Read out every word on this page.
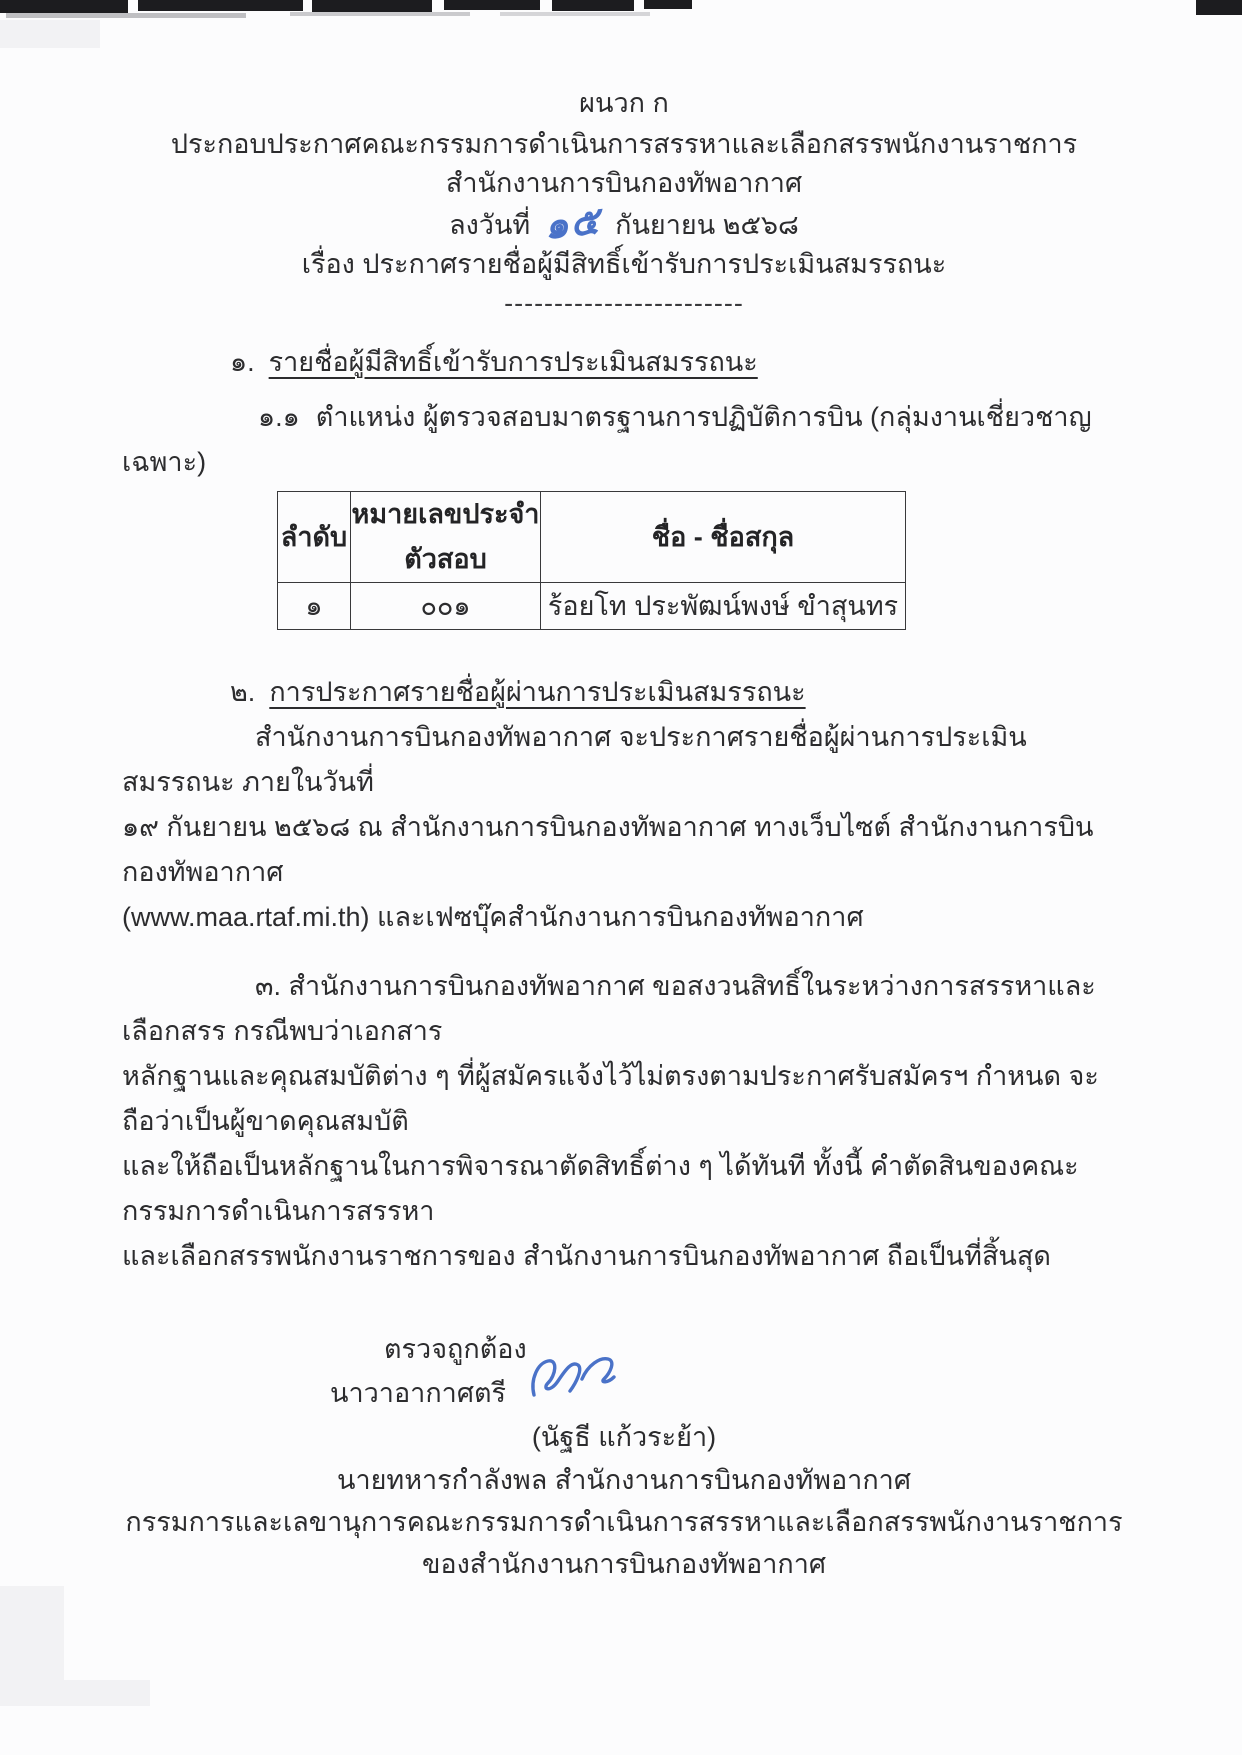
ผนวก ก
ประกอบประกาศคณะกรรมการดำเนินการสรรหาและเลือกสรรพนักงานราชการ
สำนักงานการบินกองทัพอากาศ
ลงวันที่ ๑๕ กันยายน ๒๕๖๘
เรื่อง ประกาศรายชื่อผู้มีสิทธิ์เข้ารับการประเมินสมรรถนะ
------------------------
๑. รายชื่อผู้มีสิทธิ์เข้ารับการประเมินสมรรถนะ
๑.๑ ตำแหน่ง ผู้ตรวจสอบมาตรฐานการปฏิบัติการบิน (กลุ่มงานเชี่ยวชาญเฉพาะ)
ลำดับ	หมายเลขประจำตัวสอบ	ชื่อ - ชื่อสกุล
๑	๐๐๑	ร้อยโท ประพัฒน์พงษ์ ขำสุนทร
๒. การประกาศรายชื่อผู้ผ่านการประเมินสมรรถนะ
สำนักงานการบินกองทัพอากาศ จะประกาศรายชื่อผู้ผ่านการประเมินสมรรถนะ ภายในวันที่
๑๙ กันยายน ๒๕๖๘ ณ สำนักงานการบินกองทัพอากาศ ทางเว็บไซต์ สำนักงานการบินกองทัพอากาศ
(www.maa.rtaf.mi.th) และเฟซบุ๊คสำนักงานการบินกองทัพอากาศ
๓. สำนักงานการบินกองทัพอากาศ ขอสงวนสิทธิ์ในระหว่างการสรรหาและเลือกสรร กรณีพบว่าเอกสาร
หลักฐานและคุณสมบัติต่าง ๆ ที่ผู้สมัครแจ้งไว้ไม่ตรงตามประกาศรับสมัครฯ กำหนด จะถือว่าเป็นผู้ขาดคุณสมบัติ
และให้ถือเป็นหลักฐานในการพิจารณาตัดสิทธิ์ต่าง ๆ ได้ทันที ทั้งนี้ คำตัดสินของคณะกรรมการดำเนินการสรรหา
และเลือกสรรพนักงานราชการของ สำนักงานการบินกองทัพอากาศ ถือเป็นที่สิ้นสุด
ตรวจถูกต้อง
นาวาอากาศตรี
(นัฐธี แก้วระย้า)
นายทหารกำลังพล สำนักงานการบินกองทัพอากาศ
กรรมการและเลขานุการคณะกรรมการดำเนินการสรรหาและเลือกสรรพนักงานราชการ
ของสำนักงานการบินกองทัพอากาศ
